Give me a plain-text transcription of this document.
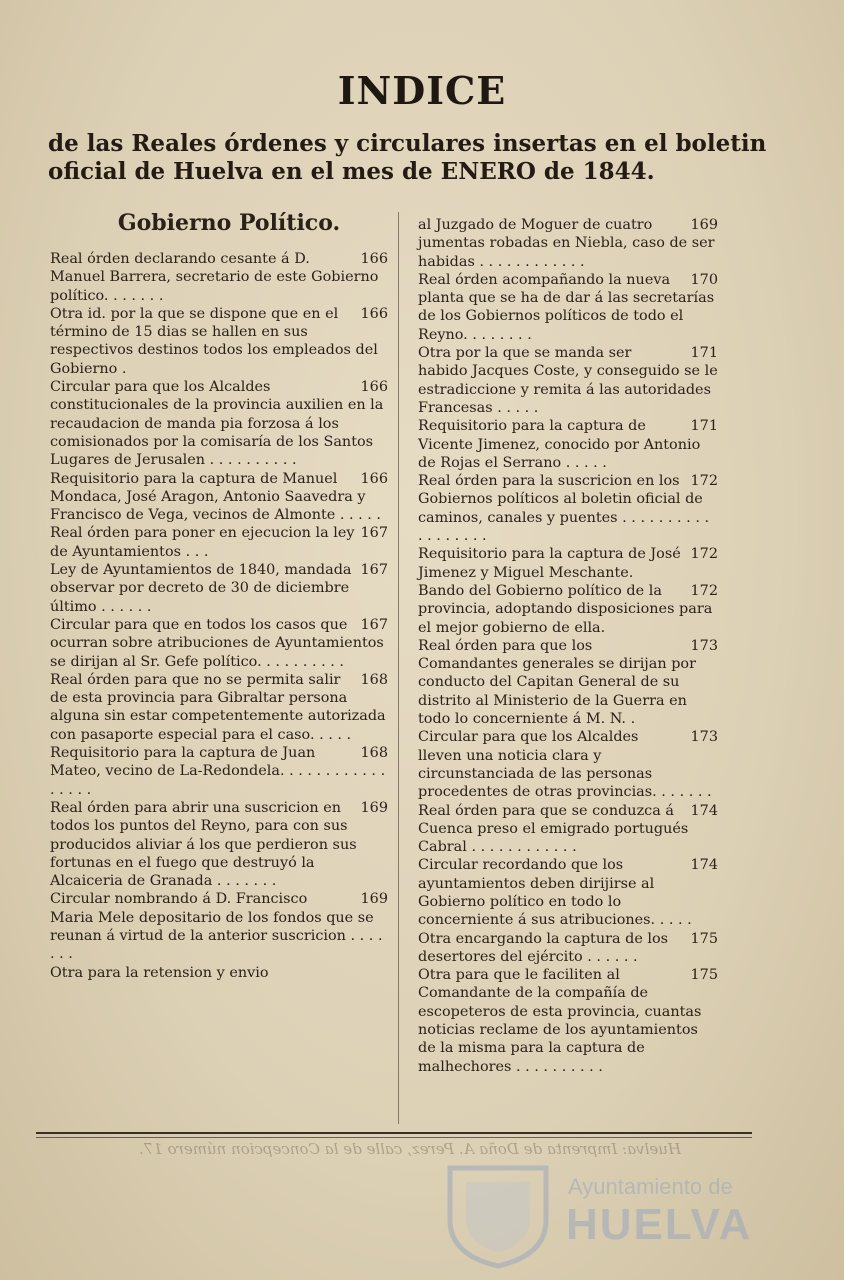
INDICE
de las Reales órdenes y circulares insertas en el boletin oficial de Huelva en el mes de ENERO de 1844.
Gobierno Político.

166
Real órden declarando cesante á D. Manuel Barrera, secretario de este Gobierno político. . . . . . .

166
Otra id. por la que se dispone que en el término de 15 dias se hallen en sus respectivos destinos todos los empleados del Gobierno .

166
Circular para que los Alcaldes constitucionales de la provincia auxilien en la recaudacion de manda pia forzosa á los comisionados por la comisaría de los Santos Lugares de Jerusalen . . . . . . . . . .

166
Requisitorio para la captura de Manuel Mondaca, José Aragon, Antonio Saavedra y Francisco de Vega, vecinos de Almonte . . . . .

167
Real órden para poner en ejecucion la ley de Ayuntamientos . . .

167
Ley de Ayuntamientos de 1840, mandada observar por decreto de 30 de diciembre último . . . . . .

167
Circular para que en todos los casos que ocurran sobre atribuciones de Ayuntamientos se dirijan al Sr. Gefe político. . . . . . . . . .

168
Real órden para que no se permita salir de esta provincia para Gibraltar persona alguna sin estar competentemente autorizada con pasaporte especial para el caso. . . . .

168
Requisitorio para la captura de Juan Mateo, vecino de La-Redondela. . . . . . . . . . . . . . . . .

169
Real órden para abrir una suscricion en todos los puntos del Reyno, para con sus producidos aliviar á los que perdieron sus fortunas en el fuego que destruyó la Alcaiceria de Granada . . . . . . .

169
Circular nombrando á D. Francisco Maria Mele depositario de los fondos que se reunan á virtud de la anterior suscricion . . . . . . .

Otra para la retension y envio

169
al Juzgado de Moguer de cuatro jumentas robadas en Niebla, caso de ser habidas . . . . . . . . . . . .

170
Real órden acompañando la nueva planta que se ha de dar á las secretarías de los Gobiernos políticos de todo el Reyno. . . . . . . .

171
Otra por la que se manda ser habido Jacques Coste, y conseguido se le estradiccione y remita á las autoridades Francesas . . . . .

171
Requisitorio para la captura de Vicente Jimenez, conocido por Antonio de Rojas el Serrano . . . . .

172
Real órden para la suscricion en los Gobiernos políticos al boletin oficial de caminos, canales y puentes . . . . . . . . . . . . . . . . . .

172
Requisitorio para la captura de José Jimenez y Miguel Meschante.

172
Bando del Gobierno político de la provincia, adoptando disposiciones para el mejor gobierno de ella.

173
Real órden para que los Comandantes generales se dirijan por conducto del Capitan General de su distrito al Ministerio de la Guerra en todo lo concerniente á M. N. .

173
Circular para que los Alcaldes lleven una noticia clara y circunstanciada de las personas procedentes de otras provincias. . . . . . .

174
Real órden para que se conduzca á Cuenca preso el emigrado portugués Cabral . . . . . . . . . . . .

174
Circular recordando que los ayuntamientos deben dirijirse al Gobierno político en todo lo concerniente á sus atribuciones. . . . .

175
Otra encargando la captura de los desertores del ejército . . . . . .

175
Otra para que le faciliten al Comandante de la compañía de escopeteros de esta provincia, cuantas noticias reclame de los ayuntamientos de la misma para la captura de malhechores . . . . . . . . . .

Huelva: Imprenta de Doña A. Perez, calle de la Concepcion número 17.
Ayuntamiento de
HUELVA
